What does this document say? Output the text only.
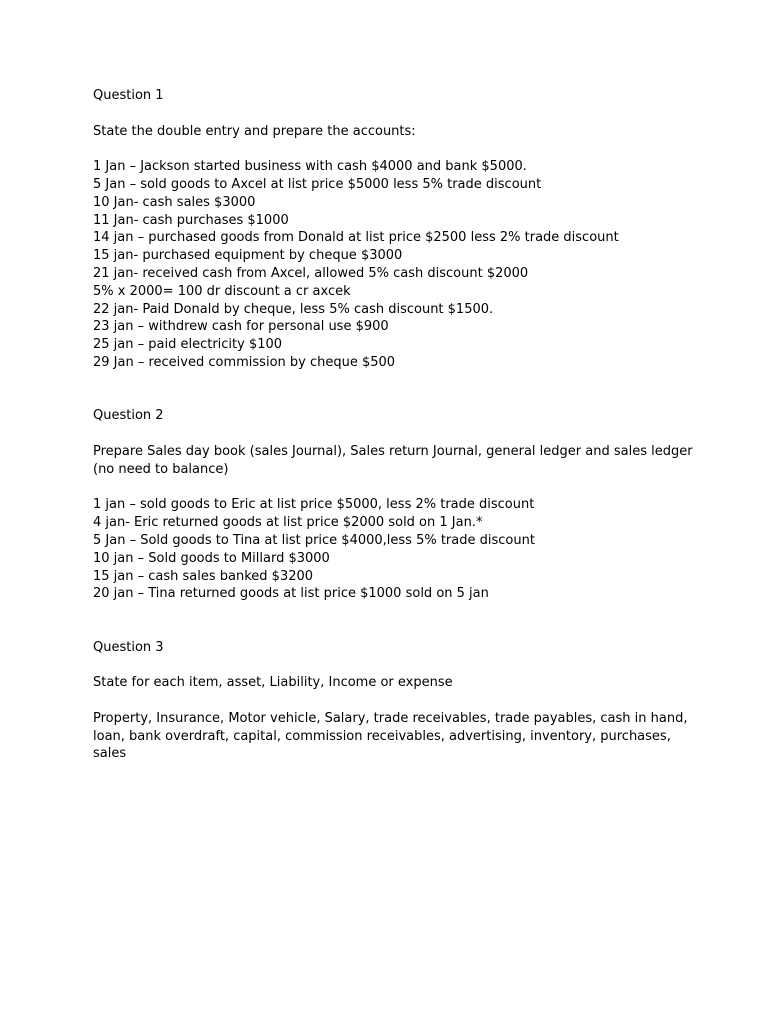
Question 1
State the double entry and prepare the accounts:
1 Jan – Jackson started business with cash $4000 and bank $5000.
5 Jan – sold goods to Axcel at list price $5000 less 5% trade discount
10 Jan- cash sales $3000
11 Jan- cash purchases $1000
14 jan – purchased goods from Donald at list price $2500 less 2% trade discount
15 jan- purchased equipment by cheque $3000
21 jan- received cash from Axcel, allowed 5% cash discount $2000
5% x 2000= 100 dr discount a cr axcek
22 jan- Paid Donald by cheque, less 5% cash discount $1500.
23 jan – withdrew cash for personal use $900
25 jan – paid electricity $100
29 Jan – received commission by cheque $500
Question 2

Prepare Sales day book (sales Journal), Sales return Journal, general ledger and sales ledger (no need to balance)

1 jan – sold goods to Eric at list price $5000, less 2% trade discount
4 jan- Eric returned goods at list price $2000 sold on 1 Jan.*
5 Jan – Sold goods to Tina at list price $4000,less 5% trade discount
10 jan – Sold goods to Millard $3000
15 jan – cash sales banked $3200
20 jan – Tina returned goods at list price $1000 sold on 5 jan
Question 3
State for each item, asset, Liability, Income or expense

Property, Insurance, Motor vehicle, Salary, trade receivables, trade payables, cash in hand, loan, bank overdraft, capital, commission receivables, advertising, inventory, purchases, sales
